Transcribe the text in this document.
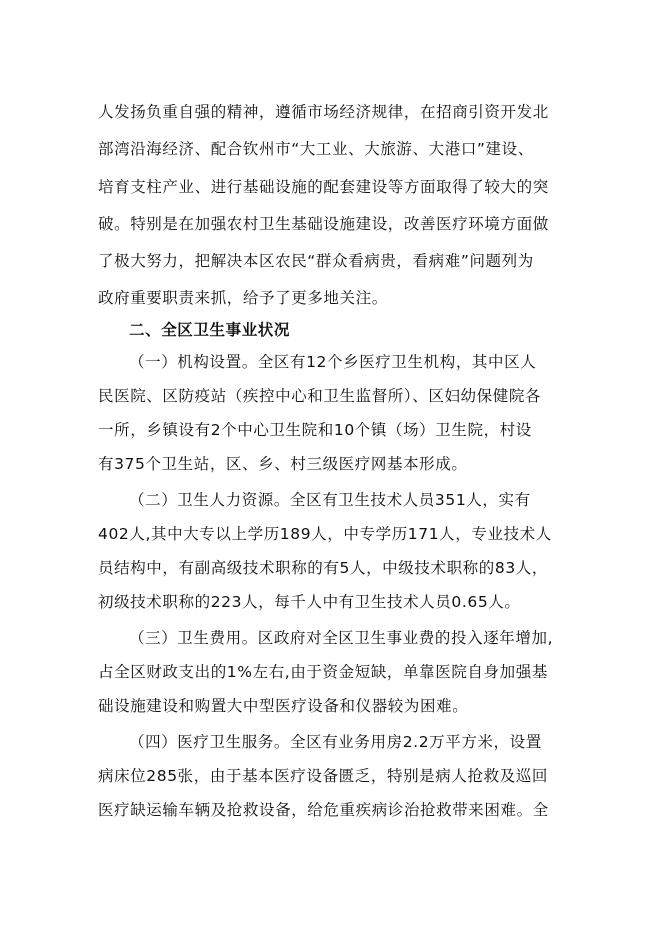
人发扬负重自强的精神，遵循市场经济规律，在招商引资开发北
部湾沿海经济、配合钦州市“大工业、大旅游、大港口”建设、
培育支柱产业、进行基础设施的配套建设等方面取得了较大的突
破。特别是在加强农村卫生基础设施建设，改善医疗环境方面做
了极大努力，把解决本区农民“群众看病贵，看病难”问题列为
政府重要职责来抓，给予了更多地关注。
二、全区卫生事业状况
（一）机构设置。全区有12个乡医疗卫生机构，其中区人
民医院、区防疫站（疾控中心和卫生监督所）、区妇幼保健院各
一所，乡镇设有2个中心卫生院和10个镇（场）卫生院，村设
有375个卫生站，区、乡、村三级医疗网基本形成。
（二）卫生人力资源。全区有卫生技术人员351人，实有
402人,其中大专以上学历189人，中专学历171人，专业技术人
员结构中，有副高级技术职称的有5人，中级技术职称的83人，
初级技术职称的223人，每千人中有卫生技术人员0.65人。
（三）卫生费用。区政府对全区卫生事业费的投入逐年增加,
占全区财政支出的1%左右,由于资金短缺，单靠医院自身加强基
础设施建设和购置大中型医疗设备和仪器较为困难。
（四）医疗卫生服务。全区有业务用房2.2万平方米，设置
病床位285张，由于基本医疗设备匮乏，特别是病人抢救及巡回
医疗缺运输车辆及抢救设备，给危重疾病诊治抢救带来困难。全
